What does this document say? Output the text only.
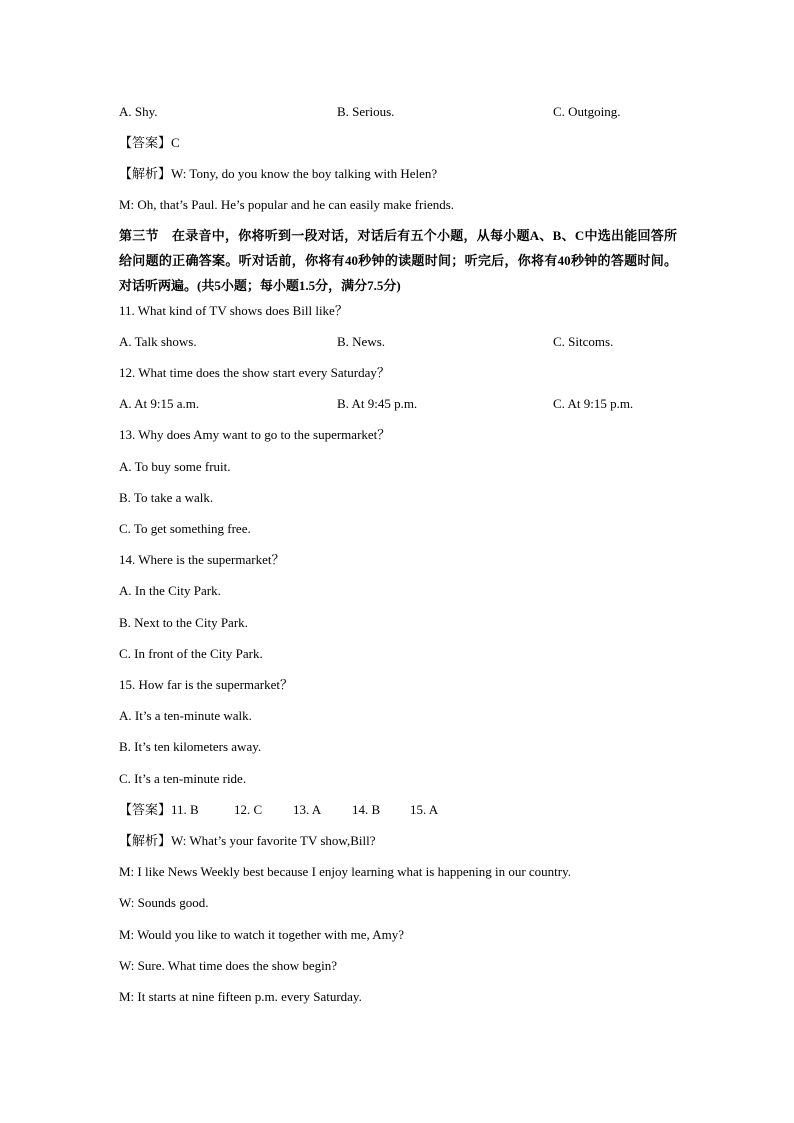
A. Shy.	B. Serious.	C. Outgoing.
【答案】C
【解析】W: Tony, do you know the boy talking with Helen?
M: Oh, that’s Paul. He’s popular and he can easily make friends.
第三节　在录音中，你将听到一段对话，对话后有五个小题，从每小题A、B、C中选出能回答所给问题的正确答案。听对话前，你将有40秒钟的读题时间；听完后，你将有40秒钟的答题时间。对话听两遍。(共5小题；每小题1.5分，满分7.5分)
11. What kind of TV shows does Bill like？
A. Talk shows.	B. News.	C. Sitcoms.
12. What time does the show start every Saturday？
A. At 9:15 a.m.	B. At 9:45 p.m.	C. At 9:15 p.m.
13. Why does Amy want to go to the supermarket？
A. To buy some fruit.
B. To take a walk.
C. To get something free.
14. Where is the supermarket？
A. In the City Park.
B. Next to the City Park.
C. In front of the City Park.
15. How far is the supermarket？
A. It’s a ten-minute walk.
B. It’s ten kilometers away.
C. It’s a ten-minute ride.
【答案】11. B	12. C 13. A 14. B 15. A
【解析】W: What’s your favorite TV show,Bill?
M: I like News Weekly best because I enjoy learning what is happening in our country.
W: Sounds good.
M: Would you like to watch it together with me, Amy?
W: Sure. What time does the show begin?
M: It starts at nine fifteen p.m. every Saturday.
